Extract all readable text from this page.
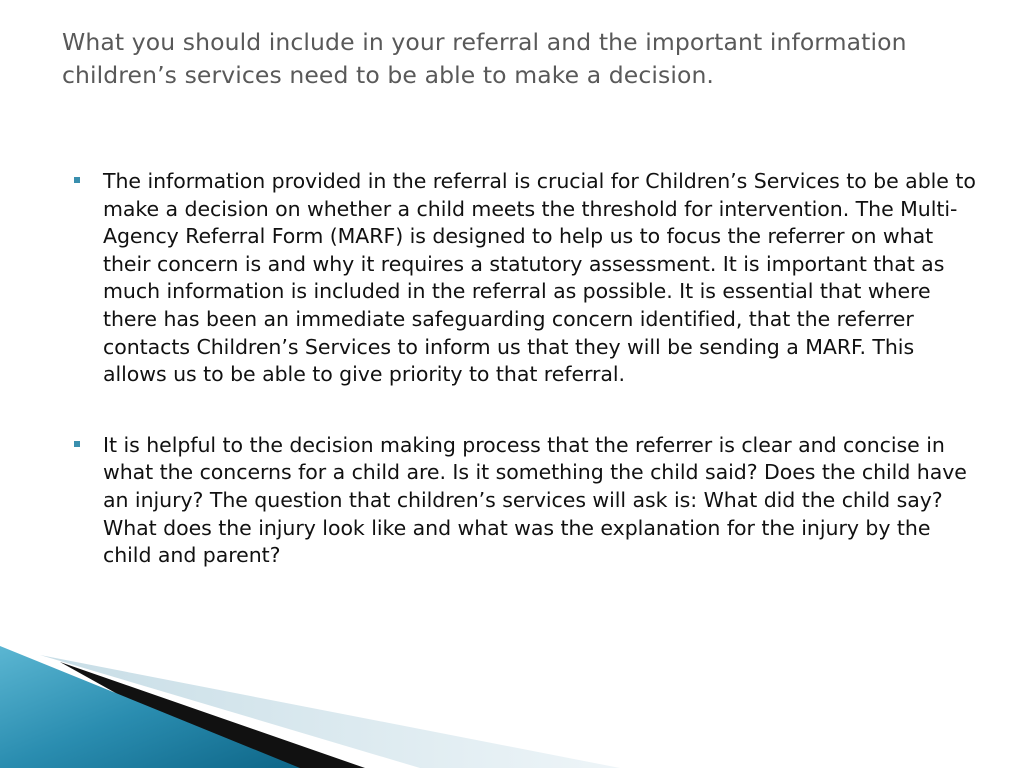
What you should include in your referral and the important information children’s services need to be able to make a decision.
The information provided in the referral is crucial for Children’s Services to be able to make a decision on whether a child meets the threshold for intervention. The Multi-Agency Referral Form (MARF) is designed to help us to focus the referrer on what their concern is and why it requires a statutory assessment. It is important that as much information is included in the referral as possible. It is essential that where there has been an immediate safeguarding concern identified, that the referrer contacts Children’s Services to inform us that they will be sending a MARF. This allows us to be able to give priority to that referral.
It is helpful to the decision making process that the referrer is clear and concise in what the concerns for a child are. Is it something the child said? Does the child have an injury? The question that children’s services will ask is: What did the child say? What does the injury look like and what was the explanation for the injury by the child and parent?
